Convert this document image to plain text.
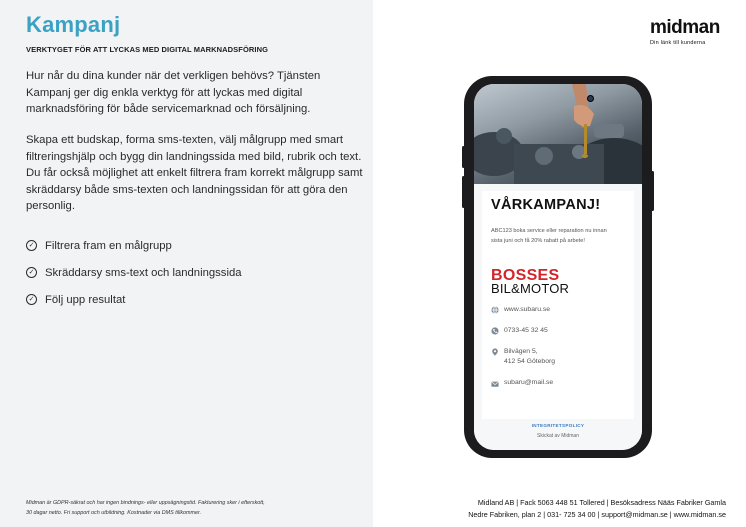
Kampanj
VERKTYGET FÖR ATT LYCKAS MED DIGITAL MARKNADSFÖRING

Hur når du dina kunder när det verkligen behövs? Tjänsten Kampanj ger dig enkla verktyg för att lyckas med digital marknadsföring för både servicemarknad och försäljning.

Skapa ett budskap, forma sms-texten, välj målgrupp med smart filtreringshjälp och bygg din landningssida med bild, rubrik och text. Du får också möjlighet att enkelt filtrera fram korrekt målgrupp samt skräddarsy både sms-texten och landningssidan för att göra den personlig.

✓ Filtrera fram en målgrupp
✓ Skräddarsy sms-text och landningssida
✓ Följ upp resultat
Midman är GDPR-säkrat och har ingen bindnings- eller uppsägningstid. Fakturering sker i efterskott,
30 dagar netto. Fri support och utbildning. Kostnader via DMS tillkommer.
midman
Din länk till kunderna
VÅRKAMPANJ!
ABC123 boka service eller reparation nu innan
sista juni och få 20% rabatt på arbete!
BOSSES
BIL&MOTOR
www.subaru.se
0733-45 32 45
Bilvägen 5,
412 54 Göteborg
subaru@mail.se
INTEGRITETSPOLICY
Skickat av Midman
Midland AB | Fack 5063 448 51 Tollered | Besöksadress Nääs Fabriker Gamla
Nedre Fabriken, plan 2 | 031- 725 34 00 | support@midman.se | www.midman.se
